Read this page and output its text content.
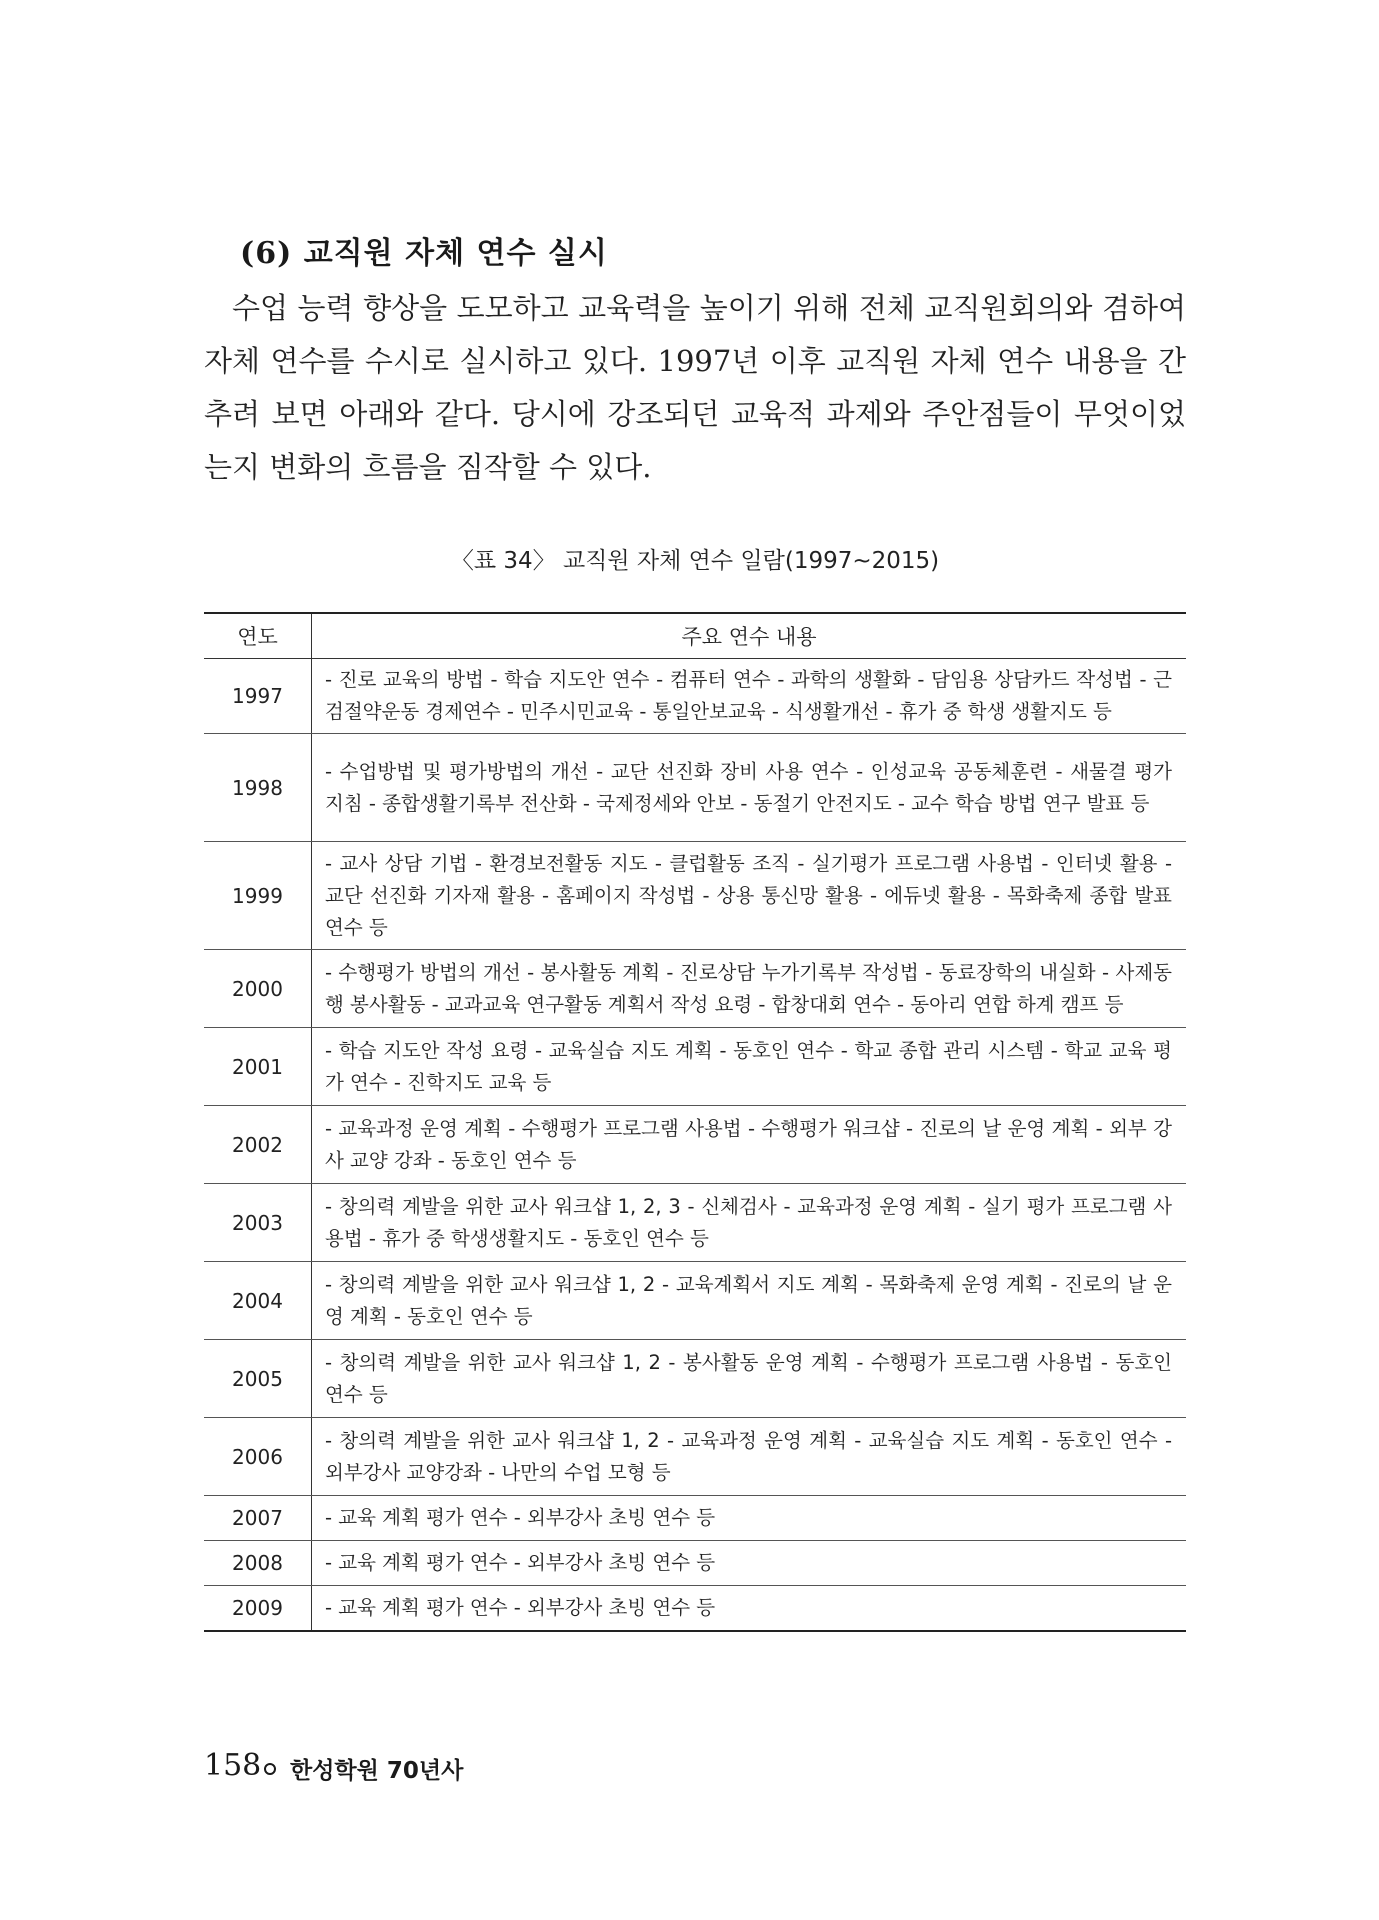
(6) 교직원 자체 연수 실시

수업 능력 향상을 도모하고 교육력을 높이기 위해 전체 교직원회의와 겸하여 자체 연수를 수시로 실시하고 있다. 1997년 이후 교직원 자체 연수 내용을 간추려 보면 아래와 같다. 당시에 강조되던 교육적 과제와 주안점들이 무엇이었는지 변화의 흐름을 짐작할 수 있다.

〈표 34〉 교직원 자체 연수 일람(1997~2015)
연도	주요 연수 내용
1997	- 진로 교육의 방법 - 학습 지도안 연수 - 컴퓨터 연수 - 과학의 생활화 - 담임용 상담카드 작성법 - 근검절약운동 경제연수 - 민주시민교육 - 통일안보교육 - 식생활개선 - 휴가 중 학생 생활지도 등
1998	- 수업방법 및 평가방법의 개선 - 교단 선진화 장비 사용 연수 - 인성교육 공동체훈련 - 새물결 평가 지침 - 종합생활기록부 전산화 - 국제정세와 안보 - 동절기 안전지도 - 교수 학습 방법 연구 발표 등
1999	- 교사 상담 기법 - 환경보전활동 지도 - 클럽활동 조직 - 실기평가 프로그램 사용법 - 인터넷 활용 - 교단 선진화 기자재 활용 - 홈페이지 작성법 - 상용 통신망 활용 - 에듀넷 활용 - 목화축제 종합 발표 연수 등
2000	- 수행평가 방법의 개선 - 봉사활동 계획 - 진로상담 누가기록부 작성법 - 동료장학의 내실화 - 사제동행 봉사활동 - 교과교육 연구활동 계획서 작성 요령 - 합창대회 연수 - 동아리 연합 하계 캠프 등
2001	- 학습 지도안 작성 요령 - 교육실습 지도 계획 - 동호인 연수 - 학교 종합 관리 시스템 - 학교 교육 평가 연수 - 진학지도 교육 등
2002	- 교육과정 운영 계획 - 수행평가 프로그램 사용법 - 수행평가 워크샵 - 진로의 날 운영 계획 - 외부 강사 교양 강좌 - 동호인 연수 등
2003	- 창의력 계발을 위한 교사 워크샵 1, 2, 3 - 신체검사 - 교육과정 운영 계획 - 실기 평가 프로그램 사용법 - 휴가 중 학생생활지도 - 동호인 연수 등
2004	- 창의력 계발을 위한 교사 워크샵 1, 2 - 교육계획서 지도 계획 - 목화축제 운영 계획 - 진로의 날 운영 계획 - 동호인 연수 등
2005	- 창의력 계발을 위한 교사 워크샵 1, 2 - 봉사활동 운영 계획 - 수행평가 프로그램 사용법 - 동호인 연수 등
2006	- 창의력 계발을 위한 교사 워크샵 1, 2 - 교육과정 운영 계획 - 교육실습 지도 계획 - 동호인 연수 - 외부강사 교양강좌 - 나만의 수업 모형 등
2007	- 교육 계획 평가 연수 - 외부강사 초빙 연수 등
2008	- 교육 계획 평가 연수 - 외부강사 초빙 연수 등
2009	- 교육 계획 평가 연수 - 외부강사 초빙 연수 등
158 한성학원 70년사
